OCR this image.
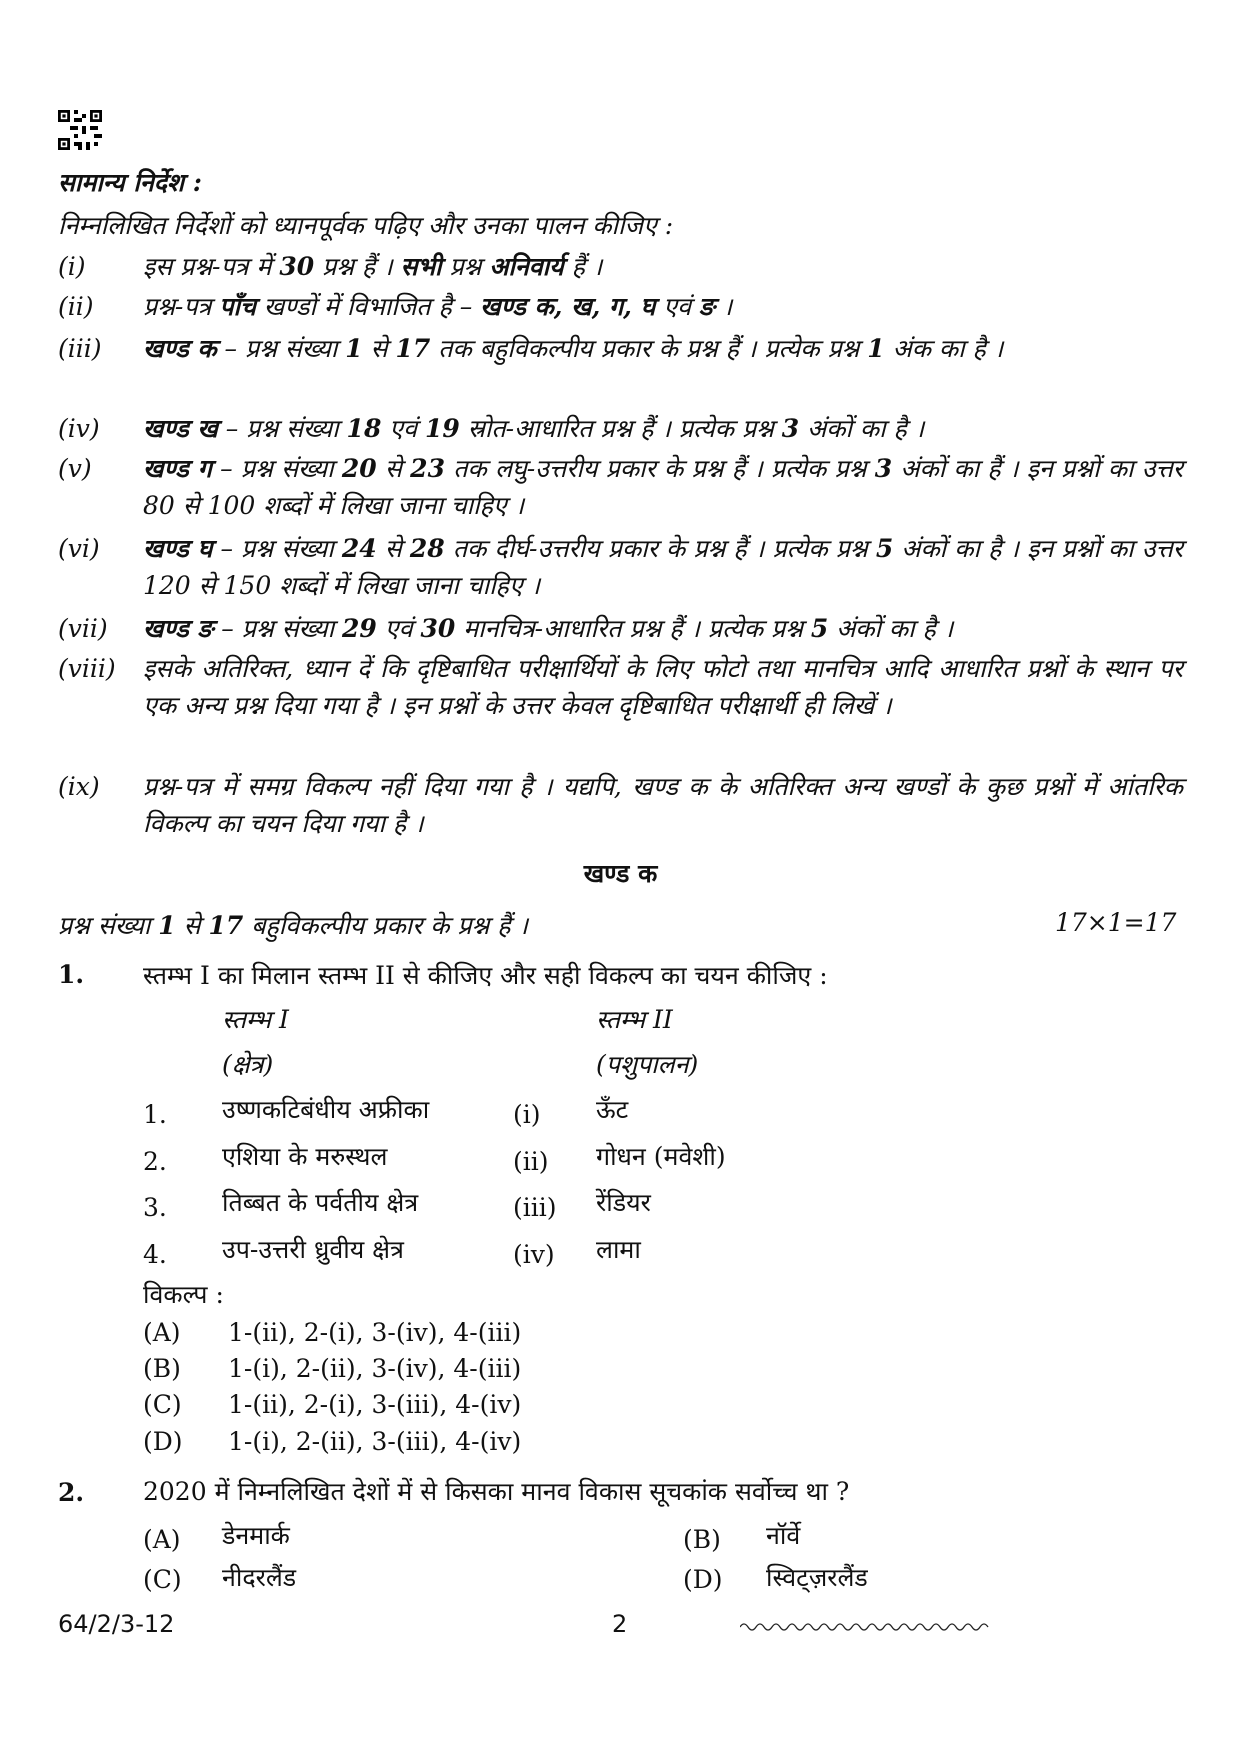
सामान्य निर्देश :
निम्नलिखित निर्देशों को ध्यानपूर्वक पढ़िए और उनका पालन कीजिए :
(i)	इस प्रश्न-पत्र में 30 प्रश्न हैं । सभी प्रश्न अनिवार्य हैं ।
(ii)	प्रश्न-पत्र पाँच खण्डों में विभाजित है – खण्ड क, ख, ग, घ एवं ङ ।
(iii)	खण्ड क – प्रश्न संख्या 1 से 17 तक बहुविकल्पीय प्रकार के प्रश्न हैं । प्रत्येक प्रश्न 1 अंक का है ।
(iv)	खण्ड ख – प्रश्न संख्या 18 एवं 19 स्रोत-आधारित प्रश्न हैं । प्रत्येक प्रश्न 3 अंकों का है ।
(v)	खण्ड ग – प्रश्न संख्या 20 से 23 तक लघु-उत्तरीय प्रकार के प्रश्न हैं । प्रत्येक प्रश्न 3 अंकों का हैं । इन प्रश्नों का उत्तर 80 से 100 शब्दों में लिखा जाना चाहिए ।
(vi)	खण्ड घ – प्रश्न संख्या 24 से 28 तक दीर्घ-उत्तरीय प्रकार के प्रश्न हैं । प्रत्येक प्रश्न 5 अंकों का है । इन प्रश्नों का उत्तर 120 से 150 शब्दों में लिखा जाना चाहिए ।
(vii)	खण्ड ङ – प्रश्न संख्या 29 एवं 30 मानचित्र-आधारित प्रश्न हैं । प्रत्येक प्रश्न 5 अंकों का है ।
(viii)	इसके अतिरिक्त, ध्यान दें कि दृष्टिबाधित परीक्षार्थियों के लिए फोटो तथा मानचित्र आदि आधारित प्रश्नों के स्थान पर एक अन्य प्रश्न दिया गया है । इन प्रश्नों के उत्तर केवल दृष्टिबाधित परीक्षार्थी ही लिखें ।
(ix)	प्रश्न-पत्र में समग्र विकल्प नहीं दिया गया है । यद्यपि, खण्ड क के अतिरिक्त अन्य खण्डों के कुछ प्रश्नों में आंतरिक विकल्प का चयन दिया गया है ।
खण्ड क
प्रश्न संख्या 1 से 17 बहुविकल्पीय प्रकार के प्रश्न हैं ।	17×1=17
1. स्तम्भ I का मिलान स्तम्भ II से कीजिए और सही विकल्प का चयन कीजिए :
स्तम्भ I
(क्षेत्र)
स्तम्भ II
(पशुपालन)
1. उष्णकटिबंधीय अफ्रीका	(i) ऊँट
2. एशिया के मरुस्थल	(ii) गोधन (मवेशी)
3. तिब्बत के पर्वतीय क्षेत्र	(iii) रेंडियर
4. उप-उत्तरी ध्रुवीय क्षेत्र	(iv) लामा
विकल्प :
(A) 1-(ii), 2-(i), 3-(iv), 4-(iii)
(B) 1-(i), 2-(ii), 3-(iv), 4-(iii)
(C) 1-(ii), 2-(i), 3-(iii), 4-(iv)
(D) 1-(i), 2-(ii), 3-(iii), 4-(iv)
2. 2020 में निम्नलिखित देशों में से किसका मानव विकास सूचकांक सर्वोच्च था ?
(A) डेनमार्क	(B) नॉर्वे
(C) नीदरलैंड	(D) स्विट्ज़रलैंड
64/2/3-12	2
